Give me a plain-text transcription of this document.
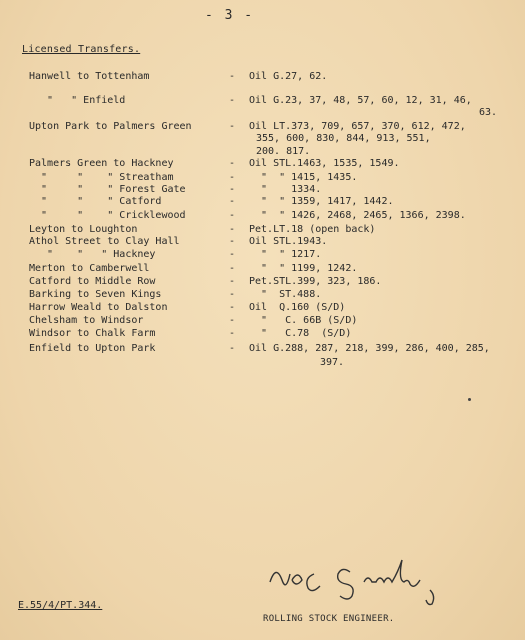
- 3 -
Licensed Transfers.
Hanwell to Tottenham	- Oil G.27, 62.
"   " Enfield	- Oil G.23, 37, 48, 57, 60, 12, 31, 46,
63.
Upton Park to Palmers Green	- Oil LT.373, 709, 657, 370, 612, 472,
355, 600, 830, 844, 913, 551,
200. 817.
Palmers Green to Hackney	- Oil STL.1463, 1535, 1549.
"     "    " Streatham	- "  " 1415, 1435.
"     "    " Forest Gate	- "    1334.
"     "    " Catford	- "  " 1359, 1417, 1442.
"     "    " Cricklewood	- "  " 1426, 2468, 2465, 1366, 2398.
Leyton to Loughton	- Pet.LT.18 (open back)
Athol Street to Clay Hall	- Oil STL.1943.
"    "   " Hackney	- "  " 1217.
Merton to Camberwell	- "  " 1199, 1242.
Catford to Middle Row	- Pet.STL.399, 323, 186.
Barking to Seven Kings	- "  ST.488.
Harrow Weald to Dalston	- Oil  Q.160 (S/D)
Chelsham to Windsor	- "   C. 66B (S/D)
Windsor to Chalk Farm	- "   C.78  (S/D)
Enfield to Upton Park	- Oil G.288, 287, 218, 399, 286, 400, 285,
397.
ROLLING STOCK ENGINEER.
E.55/4/PT.344.
